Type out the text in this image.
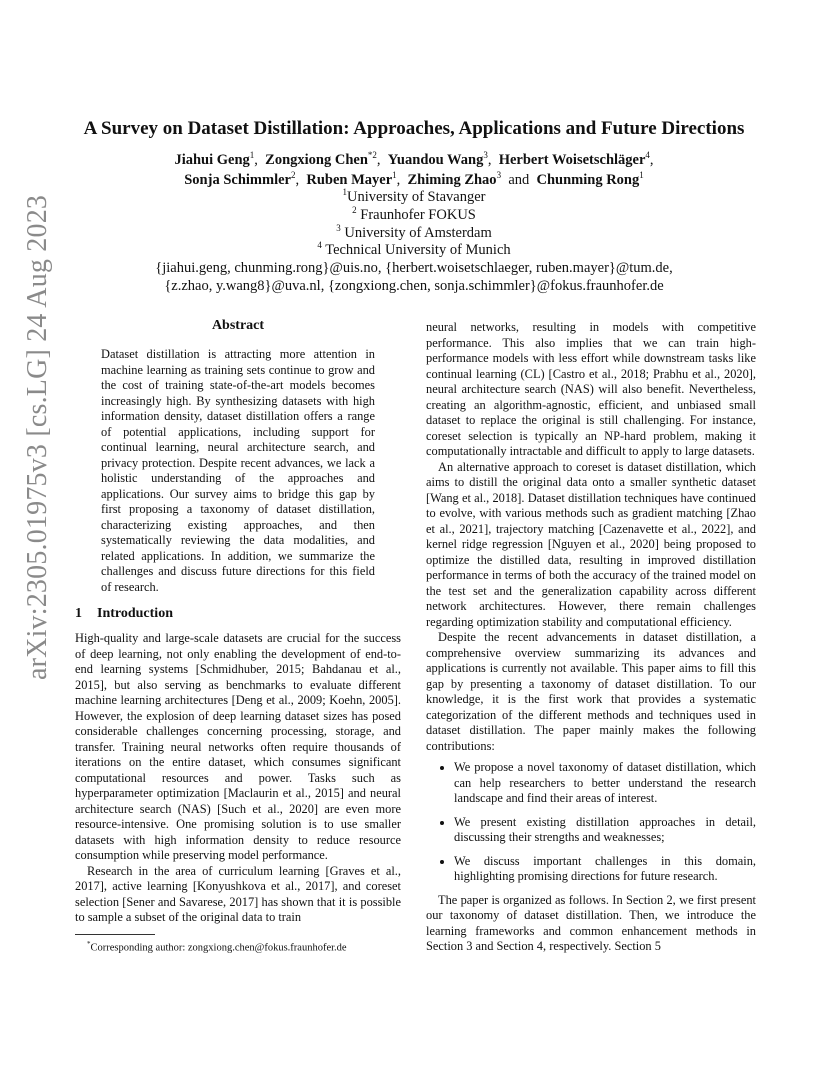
arXiv:2305.01975v3 [cs.LG] 24 Aug 2023
A Survey on Dataset Distillation: Approaches, Applications and Future Directions
Jiahui Geng$^1$,  Zongxiong Chen$^{*2}$,  Yuandou Wang$^3$,  Herbert Woisetschläger$^4$,
Sonja Schimmler$^2$,  Ruben Mayer$^1$,  Zhiming Zhao$^3$ and Chunming Rong$^1$
$^1$University of Stavanger
$^2$ Fraunhofer FOKUS
$^3$ University of Amsterdam
$^4$ Technical University of Munich
{jiahui.geng, chunming.rong}@uis.no, {herbert.woisetschlaeger, ruben.mayer}@tum.de,
{z.zhao, y.wang8}@uva.nl, {zongxiong.chen, sonja.schimmler}@fokus.fraunhofer.de
Abstract
Dataset distillation is attracting more attention in machine learning as training sets continue to grow and the cost of training state-of-the-art models becomes increasingly high. By synthesizing datasets with high information density, dataset distillation offers a range of potential applications, including support for continual learning, neural architecture search, and privacy protection. Despite recent advances, we lack a holistic understanding of the approaches and applications. Our survey aims to bridge this gap by first proposing a taxonomy of dataset distillation, characterizing existing approaches, and then systematically reviewing the data modalities, and related applications. In addition, we summarize the challenges and discuss future directions for this field of research.
1 Introduction

High-quality and large-scale datasets are crucial for the success of deep learning, not only enabling the development of end-to-end learning systems [Schmidhuber, 2015; Bahdanau et al., 2015], but also serving as benchmarks to evaluate different machine learning architectures [Deng et al., 2009; Koehn, 2005]. However, the explosion of deep learning dataset sizes has posed considerable challenges concerning processing, storage, and transfer. Training neural networks often require thousands of iterations on the entire dataset, which consumes significant computational resources and power. Tasks such as hyperparameter optimization [Maclaurin et al., 2015] and neural architecture search (NAS) [Such et al., 2020] are even more resource-intensive. One promising solution is to use smaller datasets with high information density to reduce resource consumption while preserving model performance.

Research in the area of curriculum learning [Graves et al., 2017], active learning [Konyushkova et al., 2017], and coreset selection [Sener and Savarese, 2017] has shown that it is possible to sample a subset of the original data to train

neural networks, resulting in models with competitive performance. This also implies that we can train high-performance models with less effort while downstream tasks like continual learning (CL) [Castro et al., 2018; Prabhu et al., 2020], neural architecture search (NAS) will also benefit. Nevertheless, creating an algorithm-agnostic, efficient, and unbiased small dataset to replace the original is still challenging. For instance, coreset selection is typically an NP-hard problem, making it computationally intractable and difficult to apply to large datasets.

An alternative approach to coreset is dataset distillation, which aims to distill the original data onto a smaller synthetic dataset [Wang et al., 2018]. Dataset distillation techniques have continued to evolve, with various methods such as gradient matching [Zhao et al., 2021], trajectory matching [Cazenavette et al., 2022], and kernel ridge regression [Nguyen et al., 2020] being proposed to optimize the distilled data, resulting in improved distillation performance in terms of both the accuracy of the trained model on the test set and the generalization capability across different network architectures. However, there remain challenges regarding optimization stability and computational efficiency.

Despite the recent advancements in dataset distillation, a comprehensive overview summarizing its advances and applications is currently not available. This paper aims to fill this gap by presenting a taxonomy of dataset distillation. To our knowledge, it is the first work that provides a systematic categorization of the different methods and techniques used in dataset distillation. The paper mainly makes the following contributions:

• We propose a novel taxonomy of dataset distillation, which can help researchers to better understand the research landscape and find their areas of interest.
• We present existing distillation approaches in detail, discussing their strengths and weaknesses;
• We discuss important challenges in this domain, highlighting promising directions for future research.

The paper is organized as follows. In Section 2, we first present our taxonomy of dataset distillation. Then, we introduce the learning frameworks and common enhancement methods in Section 3 and Section 4, respectively. Section 5

*Corresponding author: zongxiong.chen@fokus.fraunhofer.de
